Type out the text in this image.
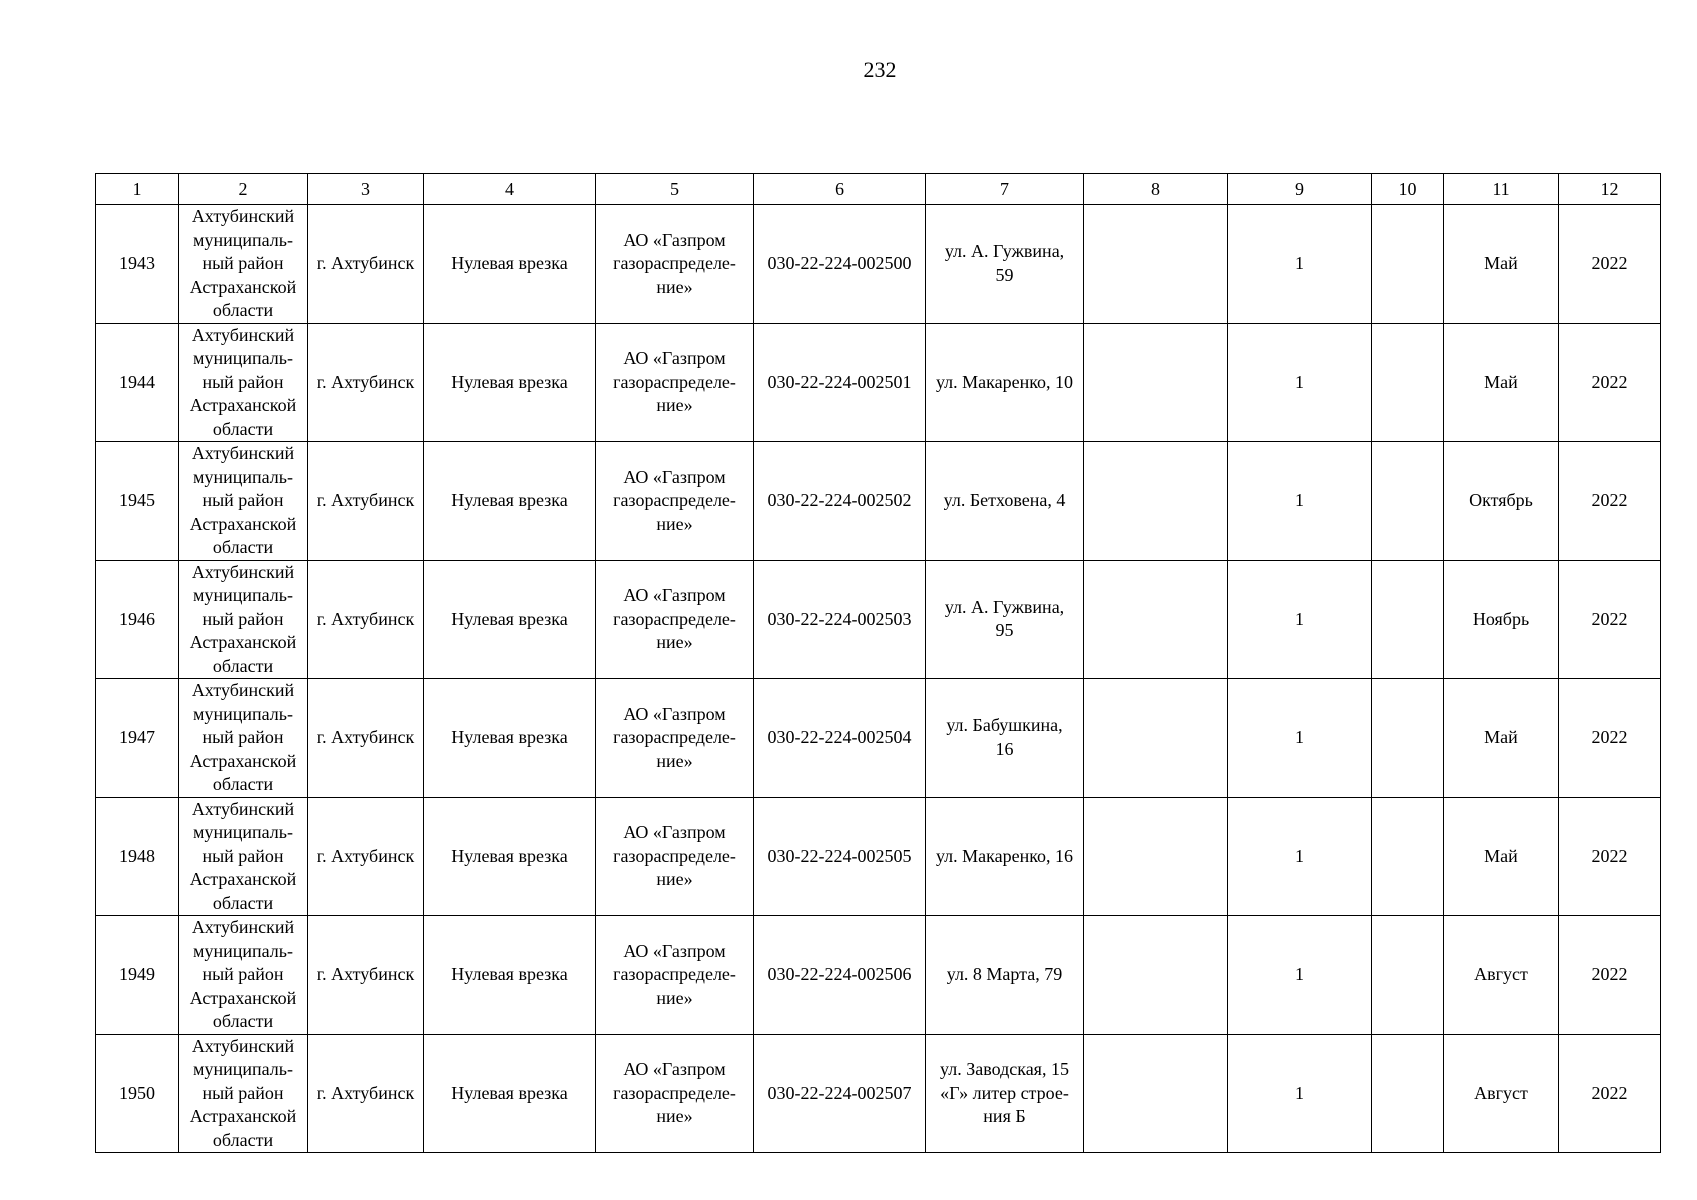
232
1	2	3	4	5	6	7	8	9	10	11	12
1943	Ахтубинский
муниципаль-
ный район
Астраханской
области	г. Ахтубинск	Нулевая врезка	АО «Газпром
газораспределе-
ние»	030-22-224-002500	ул. А. Гужвина,
59		1		Май	2022
1944	Ахтубинский
муниципаль-
ный район
Астраханской
области	г. Ахтубинск	Нулевая врезка	АО «Газпром
газораспределе-
ние»	030-22-224-002501	ул. Макаренко, 10		1		Май	2022
1945	Ахтубинский
муниципаль-
ный район
Астраханской
области	г. Ахтубинск	Нулевая врезка	АО «Газпром
газораспределе-
ние»	030-22-224-002502	ул. Бетховена, 4		1		Октябрь	2022
1946	Ахтубинский
муниципаль-
ный район
Астраханской
области	г. Ахтубинск	Нулевая врезка	АО «Газпром
газораспределе-
ние»	030-22-224-002503	ул. А. Гужвина,
95		1		Ноябрь	2022
1947	Ахтубинский
муниципаль-
ный район
Астраханской
области	г. Ахтубинск	Нулевая врезка	АО «Газпром
газораспределе-
ние»	030-22-224-002504	ул. Бабушкина,
16		1		Май	2022
1948	Ахтубинский
муниципаль-
ный район
Астраханской
области	г. Ахтубинск	Нулевая врезка	АО «Газпром
газораспределе-
ние»	030-22-224-002505	ул. Макаренко, 16		1		Май	2022
1949	Ахтубинский
муниципаль-
ный район
Астраханской
области	г. Ахтубинск	Нулевая врезка	АО «Газпром
газораспределе-
ние»	030-22-224-002506	ул. 8 Марта, 79		1		Август	2022
1950	Ахтубинский
муниципаль-
ный район
Астраханской
области	г. Ахтубинск	Нулевая врезка	АО «Газпром
газораспределе-
ние»	030-22-224-002507	ул. Заводская, 15
«Г» литер строе-
ния Б		1		Август	2022
